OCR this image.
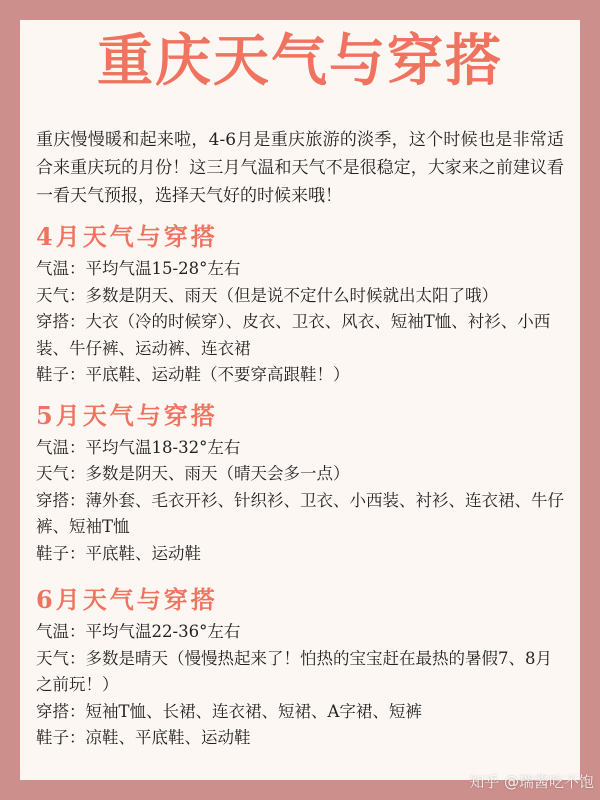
重庆天气与穿搭
重庆慢慢暖和起来啦，4-6月是重庆旅游的淡季，这个时候也是非常适合来重庆玩的月份！这三月气温和天气不是很稳定，大家来之前建议看一看天气预报，选择天气好的时候来哦！
4月天气与穿搭
气温：平均气温15-28°左右
天气：多数是阴天、雨天（但是说不定什么时候就出太阳了哦）
穿搭：大衣（冷的时候穿）、皮衣、卫衣、风衣、短袖T恤、衬衫、小西装、牛仔裤、运动裤、连衣裙
鞋子：平底鞋、运动鞋（不要穿高跟鞋！）
5月天气与穿搭
气温：平均气温18-32°左右
天气：多数是阴天、雨天（晴天会多一点）
穿搭：薄外套、毛衣开衫、针织衫、卫衣、小西装、衬衫、连衣裙、牛仔裤、短袖T恤
鞋子：平底鞋、运动鞋
6月天气与穿搭
气温：平均气温22-36°左右
天气：多数是晴天（慢慢热起来了！怕热的宝宝赶在最热的暑假7、8月之前玩！）
穿搭：短袖T恤、长裙、连衣裙、短裙、A字裙、短裤
鞋子：凉鞋、平底鞋、运动鞋
知乎 @瑞酱吃不饱
